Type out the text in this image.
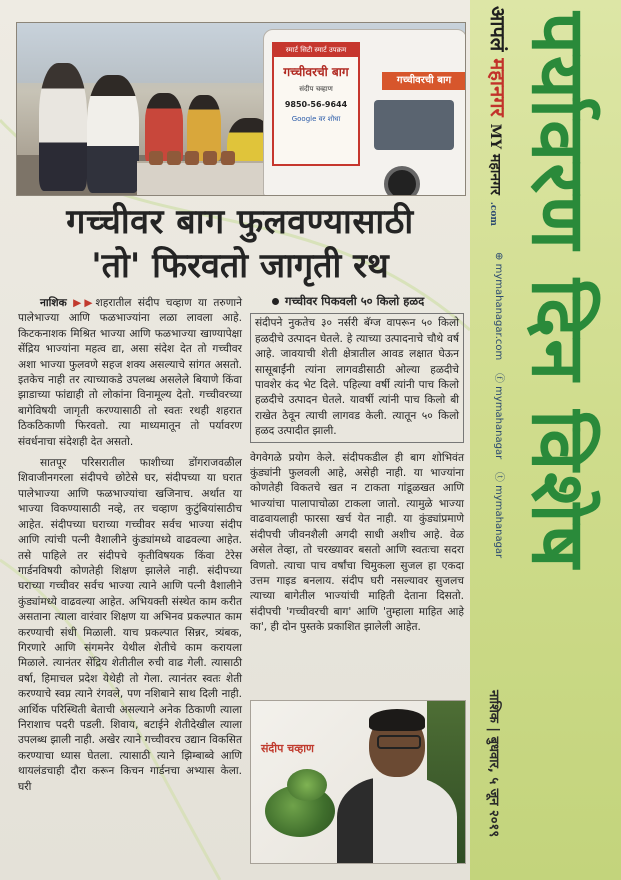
स्मार्ट सिटी स्मार्ट उपक्रम
गच्चीवरची बाग
संदीप चव्हाण
9850-56-9644
Google वर शोधा
गच्चीवरची बाग
गच्चीवर बाग फुलवण्यासाठी
'तो' फिरवतो जागृती रथ

नाशिक ▶▶शहरातील संदीप चव्हाण या तरुणाने पालेभाज्या आणि फळभाज्यांना लळा लावला आहे. किटकनाशक मिश्रित भाज्या आणि फळभाज्या खाण्यापेक्षा सेंद्रिय भाज्यांना महत्व द्या, असा संदेश देत तो गच्चीवर अशा भाज्या फुलवणे सहज शक्य असल्याचे सांगत असतो. इतकेच नाही तर त्याच्याकडे उपलब्ध असलेले बियाणे किंवा झाडाच्या फांद्याही तो लोकांना विनामूल्य देतो. गच्चीवरच्या बागेविषयी जागृती करण्यासाठी तो स्वतः रथही शहरात ठिकठिकाणी फिरवतो. त्या माध्यमातून तो पर्यावरण संवर्धनाचा संदेशही देत असतो.

सातपूर परिसरातील फाशीच्या डोंगराजवळील शिवाजीनगरला संदीपचे छोटेसे घर, संदीपच्या या घरात पालेभाज्या आणि फळभाज्यांचा खजिनाच. अर्थात या भाज्या विकण्यासाठी नव्हे, तर चव्हाण कुटुंबियांसाठीच आहेत. संदीपच्या घराच्या गच्चीवर सर्वच भाज्या संदीप आणि त्यांची पत्नी वैशालीने कुंड्यांमध्ये वाढवल्या आहेत. तसे पाहिले तर संदीपचे कृतीविषयक किंवा टेरेस गार्डनविषयी कोणतेही शिक्षण झालेले नाही. संदीपच्या घराच्या गच्चीवर सर्वच भाज्या त्याने आणि पत्नी वैशालीने कुंड्यांमध्ये वाढवल्या आहेत. अभियक्ती संस्थेत काम करीत असताना त्याला वारंवार शिक्षण या अभिनव प्रकल्पात काम करण्याची संधी मिळाली. याच प्रकल्पात सिन्नर, त्र्यंबक, गिरणारे आणि संगमनेर येथील शेतीचे काम करायला मिळाले. त्यानंतर सेंद्रिय शेतीतील रुची वाढ गेली. त्यासाठी वर्षा, हिमाचल प्रदेश येथेही तो गेला. त्यानंतर स्वतः शेती करण्याचे स्वप्न त्याने रंगवले, पण नशिबाने साथ दिली नाही. आर्थिक परिस्थिती बेताची असल्याने अनेक ठिकाणी त्याला निराशाच पदरी पडली. शिवाय, बटाईने शेतीदेखील त्याला उपलब्ध झाली नाही. अखेर त्याने गच्चीवरच उद्यान विकसित करण्याचा ध्यास घेतला. त्यासाठी त्याने झिम्बाब्वे आणि थायलंडचाही दौरा करून किचन गार्डनचा अभ्यास केला. घरी

गच्चीवर पिकवली ५० किलो हळद

संदीपने नुकतेच ३० नर्सरी बॅग्ज वापरून ५० किलो हळदीचे उत्पादन घेतले. हे त्याच्या उत्पादनाचे चौथे वर्ष आहे. जावयाची शेती क्षेत्रातील आवड लक्षात घेऊन सासूबाईंनी त्यांना लागवडीसाठी ओल्या हळदीचे पावशेर कंद भेट दिले. पहिल्या वर्षी त्यांनी पाच किलो हळदीचे उत्पादन घेतले. यावर्षी त्यांनी पाच किलो बी राखेत ठेवून त्याची लागवड केली. त्यातून ५० किलो हळद उत्पादीत झाली.

वेगवेगळे प्रयोग केले. संदीपकडील ही बाग शोभिवंत कुंड्यांनी फुलवली आहे, असेही नाही. या भाज्यांना कोणतेही विकतचे खत न टाकता गांडूळखत आणि भाज्यांचा पालापाचोळा टाकला जातो. त्यामुळे भाज्या वाढवायलाही फारसा खर्च येत नाही. या कुंड्यांप्रमाणे संदीपची जीवनशैली अगदी साधी अशीच आहे. वेळ असेल तेव्हा, तो चरख्यावर बसतो आणि स्वतःचा सदरा विणतो. त्याचा पाच वर्षांचा चिमुकला सुजल हा एकदा उत्तम गाइड बनलाय. संदीप घरी नसल्यावर सुजलच त्याच्या बागेतील भाज्यांची माहिती देताना दिसतो. संदीपची 'गच्चीवरची बाग' आणि 'तुम्हाला माहित आहे का', ही दोन पुस्तके प्रकाशित झालेली आहेत.

संदीप चव्हाण
आपलं महानगर MY महानगर .com
⊕ mymahanagar.com    ⓕ mymahanagar    ⓣ mymahanagar पर्यावरण दिन विशेष
नाशिक | बुधवार, ५ जून २०१९
